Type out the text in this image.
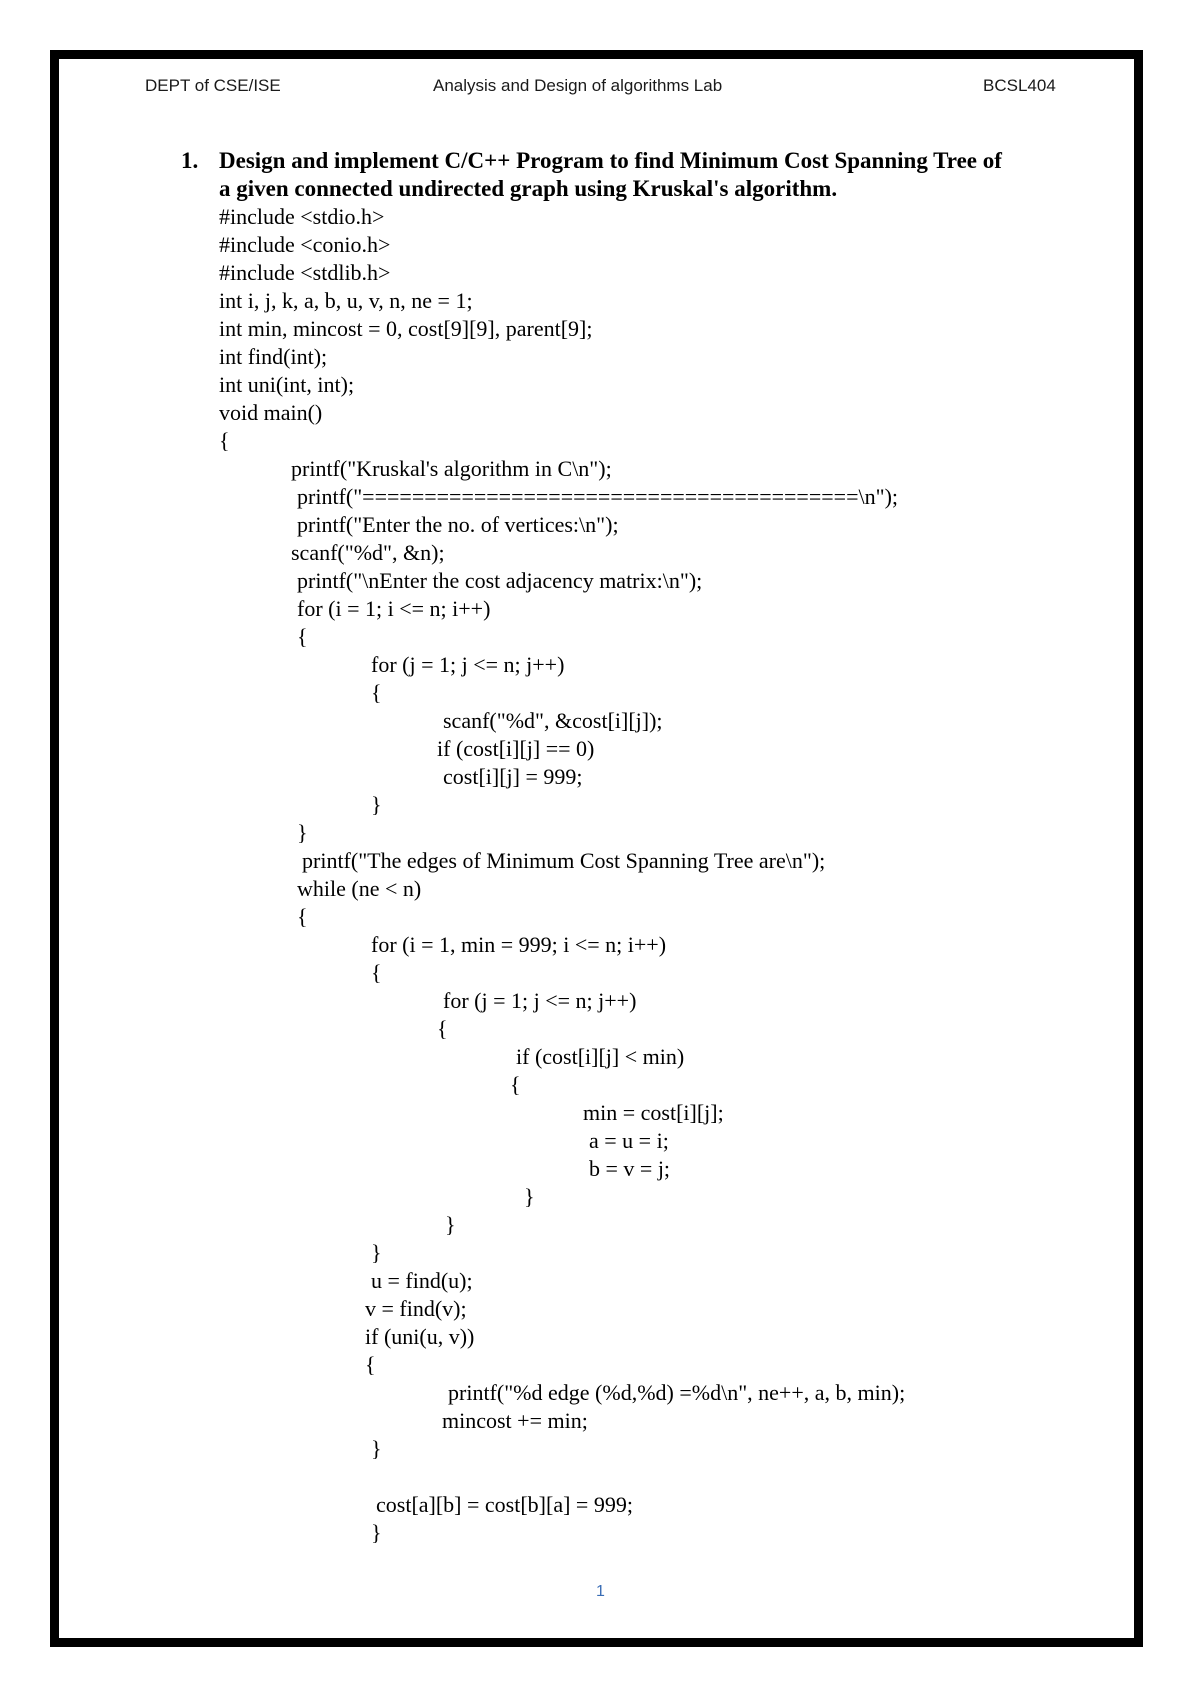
DEPT of CSE/ISE	Analysis and Design of algorithms Lab	BCSL404
1. Design and implement C/C++ Program to find Minimum Cost Spanning Tree of
a given connected undirected graph using Kruskal's algorithm.
#include <stdio.h>
#include <conio.h>
#include <stdlib.h>
int i, j, k, a, b, u, v, n, ne = 1;
int min, mincost = 0, cost[9][9], parent[9];
int find(int);
int uni(int, int);
void main()
{
printf("Kruskal's algorithm in C\n");
printf("========================================\n");
printf("Enter the no. of vertices:\n");
scanf("%d", &n);
printf("\nEnter the cost adjacency matrix:\n");
for (i = 1; i <= n; i++)
{
for (j = 1; j <= n; j++)
{
scanf("%d", &cost[i][j]);
if (cost[i][j] == 0)
cost[i][j] = 999;
}
}
printf("The edges of Minimum Cost Spanning Tree are\n");
while (ne < n)
{
for (i = 1, min = 999; i <= n; i++)
{
for (j = 1; j <= n; j++)
{
if (cost[i][j] < min)
{
min = cost[i][j];
a = u = i;
b = v = j;
}
}
}
u = find(u);
v = find(v);
if (uni(u, v))
{
printf("%d edge (%d,%d) =%d\n", ne++, a, b, min);
mincost += min;
}
cost[a][b] = cost[b][a] = 999;
}
1
